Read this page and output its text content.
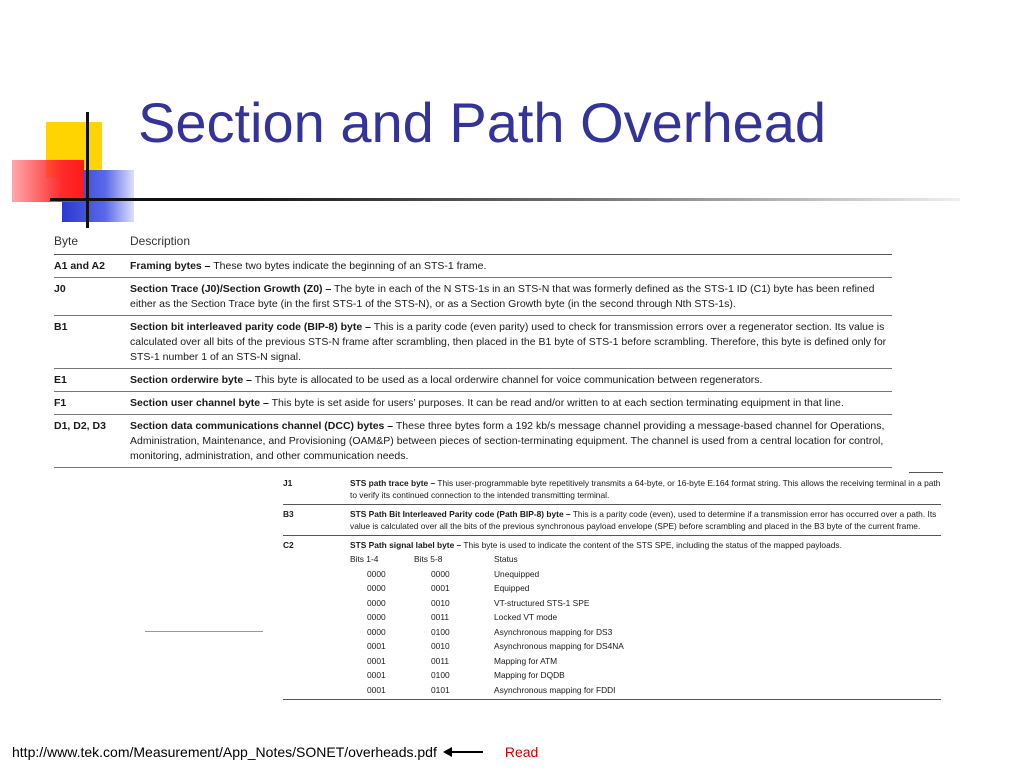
Section and Path Overhead
Byte	Description
A1 and A2	Framing bytes – These two bytes indicate the beginning of an STS-1 frame.
J0	Section Trace (J0)/Section Growth (Z0) – The byte in each of the N STS-1s in an STS-N that was formerly defined as the STS-1 ID (C1) byte has been refined either as the Section Trace byte (in the first STS-1 of the STS-N), or as a Section Growth byte (in the second through Nth STS-1s).
B1	Section bit interleaved parity code (BIP-8) byte – This is a parity code (even parity) used to check for transmission errors over a regenerator section. Its value is calculated over all bits of the previous STS-N frame after scrambling, then placed in the B1 byte of STS-1 before scrambling. Therefore, this byte is defined only for STS-1 number 1 of an STS-N signal.
E1	Section orderwire byte – This byte is allocated to be used as a local orderwire channel for voice communication between regenerators.
F1	Section user channel byte – This byte is set aside for users’ purposes. It can be read and/or written to at each section terminating equipment in that line.
D1, D2, D3	Section data communications channel (DCC) bytes – These three bytes form a 192 kb/s message channel providing a message-based channel for Operations, Administration, Maintenance, and Provisioning (OAM&P) between pieces of section-terminating equipment. The channel is used from a central location for control, monitoring, administration, and other communication needs.
J1	STS path trace byte – This user-programmable byte repetitively transmits a 64-byte, or 16-byte E.164 format string. This allows the receiving terminal in a path to verify its continued connection to the intended transmitting terminal.
B3	STS Path Bit Interleaved Parity code (Path BIP-8) byte – This is a parity code (even), used to determine if a transmission error has occurred over a path. Its value is calculated over all the bits of the previous synchronous payload envelope (SPE) before scrambling and placed in the B3 byte of the current frame.
C2	STS Path signal label byte – This byte is used to indicate the content of the STS SPE, including the status of the mapped payloads.
Bits 1-4	Bits 5-8	Status
0000	0000	Unequipped
0000	0001	Equipped
0000	0010	VT-structured STS-1 SPE
0000	0011	Locked VT mode
0000	0100	Asynchronous mapping for DS3
0001	0010	Asynchronous mapping for DS4NA
0001	0011	Mapping for ATM
0001	0100	Mapping for DQDB
0001	0101	Asynchronous mapping for FDDI
http://www.tek.com/Measurement/App_Notes/SONET/overheads.pdf	Read
